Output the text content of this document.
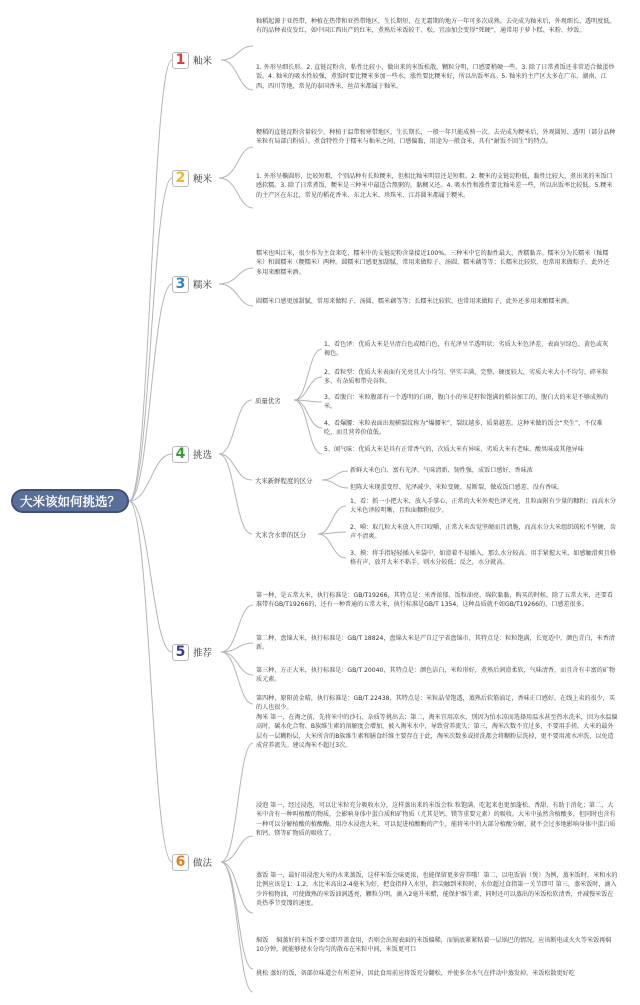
大米该如何挑选？
1 籼米
2 粳米
3 糯米
4 挑选
5 推荐
6 做法
籼稻起源于亚热带，种植在热带和亚热带地区，生长期短，在无霜期的地方一年可多次成熟。去壳成为籼米后，外观细长、透明度低。有的品种表皮发红，如中国江西出产的红米，煮熟后米饭较干、松。宜添加会变得“死硬”，通常用于萝卜糕、米粉、炒饭。
1. 外形呈细长形。2. 直链淀粉含，粘性比较小，做出来的米饭松散，颗粒分明，口感要稍硬一些。3. 除了日常煮饭还非常适合做蛋炒饭。4. 籼米的吸水性较强，煮饭时要比粳米多加一些水，涨性要比粳米好，所以出饭率高。5. 籼米的主产区大多在广东、湖南、江西、四川等地，常见的泰国香米、丝苗米都属于籼米。
粳稻的直链淀粉含量较少，种植于温带和寒带地区，生长期长，一般一年只能成熟一次。去壳成为粳米后，外观圆短、透明（部分品种米粒有局部白粉质）。煮食特性介于糯米与籼米之间，口感偏黏，用途为一般食米，具有“耐饭不回生”的特点。
1. 外形呈椭圆形，比较短粗，个别品种有长粒粳米，但相比籼米明显还是短粗。2. 粳米的支链淀粉低，黏性比较大，煮出来的米饭口感软糯。3. 除了日常煮饭，粳米是三种米中最适合熬粥的，黏稠又还。4. 吸水性和涨性要比籼米差一些，所以出饭率比较低。5.粳米的主产区在东北，常见的稻花香米、东北大米、珍珠米、江苏圆米都属于粳米。
糯米也叫江米，很少作为主食来吃，糯米中的支链淀粉含量接近100%，三种米中它的黏性最大，香糯黏弄。糯米分为长糯米（籼糯米）和圆糯米（粳糯米）两种。圆糯米口感更加甜腻，常用来做粽子、汤圆、糯米藕等等；长糯米比较软，也常用来做粽子，此外还多用来酿糯米酒。
圆糯米口感更加甜腻，常用来做粽子、汤圆、糯米藕等等；长糯米比较软，也常用来做粽子，此外还多用来酿糯米酒。
质量优劣
1、看色泽：优质大米是呈清白色或精白色，有光泽呈半透明状；劣质大米色泽差，表面呈绿色、黄色或灰褐色。
2、看粒型：优质大米表面有光亮且大小均匀、坚实丰满、完整、硬度较大，劣质大米大小不均匀、碎米粒多、有杂质和带壳谷粒。
3、看腹白：米粒腹部有一个透明的白斑，腹白小的米是籽粒饱满的稻谷加工的，腹白大的米是不够成熟的米。
4、看爆腰：米粒表面出现横裂纹称为“爆腰米”，裂纹越多，质量越差。这种米做的饭会“夹生”，不仅难吃，而且营养价值低。
5、闻气味：优质大米是具有正常香气的，次质大米有异味，劣质大米有老味、酸臭味或其他异味
大米新鲜程度的区分
新鲜大米色白、富有光泽、气味清新、韧性强，成饭口感好、香味浓
但陈大米现蛋变厚、光泽减少、米粒变硬、易断裂，做成饭口感差、没有香味。
大米含水率的区分
1、看：抓一小把大米，放入手掌心，正常的大米外观色泽光亮，且粒面附有少量的糠粉；而高水分大米色泽较明晰，且粒面糠粉很少。
2、嗬：取几粒大米放入开口咬嚼，正常大米齿觉坚硬而且清脆，而高水分大米组织疏松不坚硬，齿声不清爽。
3、摸：将手指轻轻插入米袋中，如滑着不易插入，那么水分较高。用手紧握大米，如感触滑爽且格格有声，放开大米不粘手，则水分较低；反之，水分就高。
第一种，是五常大米，执行标准是：GB/T19266，其特点是：米香浓郁、饭粒油亮、绵软黏黏，购买的时候，除了五常大米，还要看准带有GB/T19266的，还有一种普通的五常大米，执行标准是GB/T 1354，这种品质就不如GB/T19266的，口感差很多。
第二种，盘锦大米，执行标准是：GB/T 18824，盘锦大米是产自辽宁省盘锦市，其特点是：粒粒饱满，长宽适中，颜色青白，米香清新。
第三种，方正大米，执行标准是：GB/T 20040，其特点是：颜色洁白，米粒形好，煮熟后润滑柔软，气味清香，而且含有丰富的矿物质元素。
第四种，原阳黄金晴，执行标准是：GB/T 22438，其特点是：米粒晶莹饱透，蒸熟后软筋油足，香味正口感好。在线上卖的很少，买的人也很少。
淘米 第一，在淘之前，先将米中的沙石、杂质等挑出去；第二，淘米宜用凉水，别因为怕水凉而选择用温水甚至热水洗米，因为水温偏高时，碳水化合物、B族维生素的溶解度会增加，被入淘米水中，导致营养流失；第三，淘米次数不宜过多，不要用手搓，大米的最外层有一层糊粉层，大米所含的B族维生素和膳食纤维主要存在于此，淘米次数多或搓洗都会将糊粉层洗掉，更不要用流水冲洗，以免造成营养流失。建议淘米不超过3次。
浸泡 第一，经过浸泡，可以让米粒充分吸收水分，这样蒸出来的米饭会粒 粒饱满，吃起来也更加蓬松、香甜，有助于消化；第二，大米中含有一种叫植酸的物质，会影响身体中蛋白质和矿物质（尤其是钙、镁等重要元素）的吸收。大米中虽然含植酸多，但同时也含有一种可以分解植酸的植酸酶。用冷水浸泡大米，可以促进植酸酶的产生，能将米中的大部分植酸分解，就不会过多地影响身体中蛋白质和钙、镁等矿物质的吸收了。
蒸饭 第一，最好用浸泡大米的水来蒸饭，这样米饭会味更浓，也能保留更多营养哦！第二，以电饭锅（煲）为例，蒸米饭时，米和水的比例应该是1：1.2，水比米高出2-4毫米为好，把食指伸入水里，指尖触到米粒时，水位超过食指第一关节即可 第三，蒸米饭时，滴入少许植物油，可使做熟的米饭油润透亮，颗粒分明。滴入2毫升米醋，能保护维生素，同时还可以蒸出的米饭松软清香，并减慢米饭在炎热季节变馊的速度。
焖饭 　焖蒸好的米饭不要立即开盖食用，否则会出现表面的米饭偏稀，而锅底紧紧粘着一层锅巴的情况。应该断电或火火等米饭再焖10分钟，就能够使水分均匀的散布在米粒中间，米饭更可口
挑松 蒸好的饭，备部位味道会有所差异，因此食用前应将饭充分翻松，并使多余水气在拌动中蒸发掉，米饭松散更好吃
